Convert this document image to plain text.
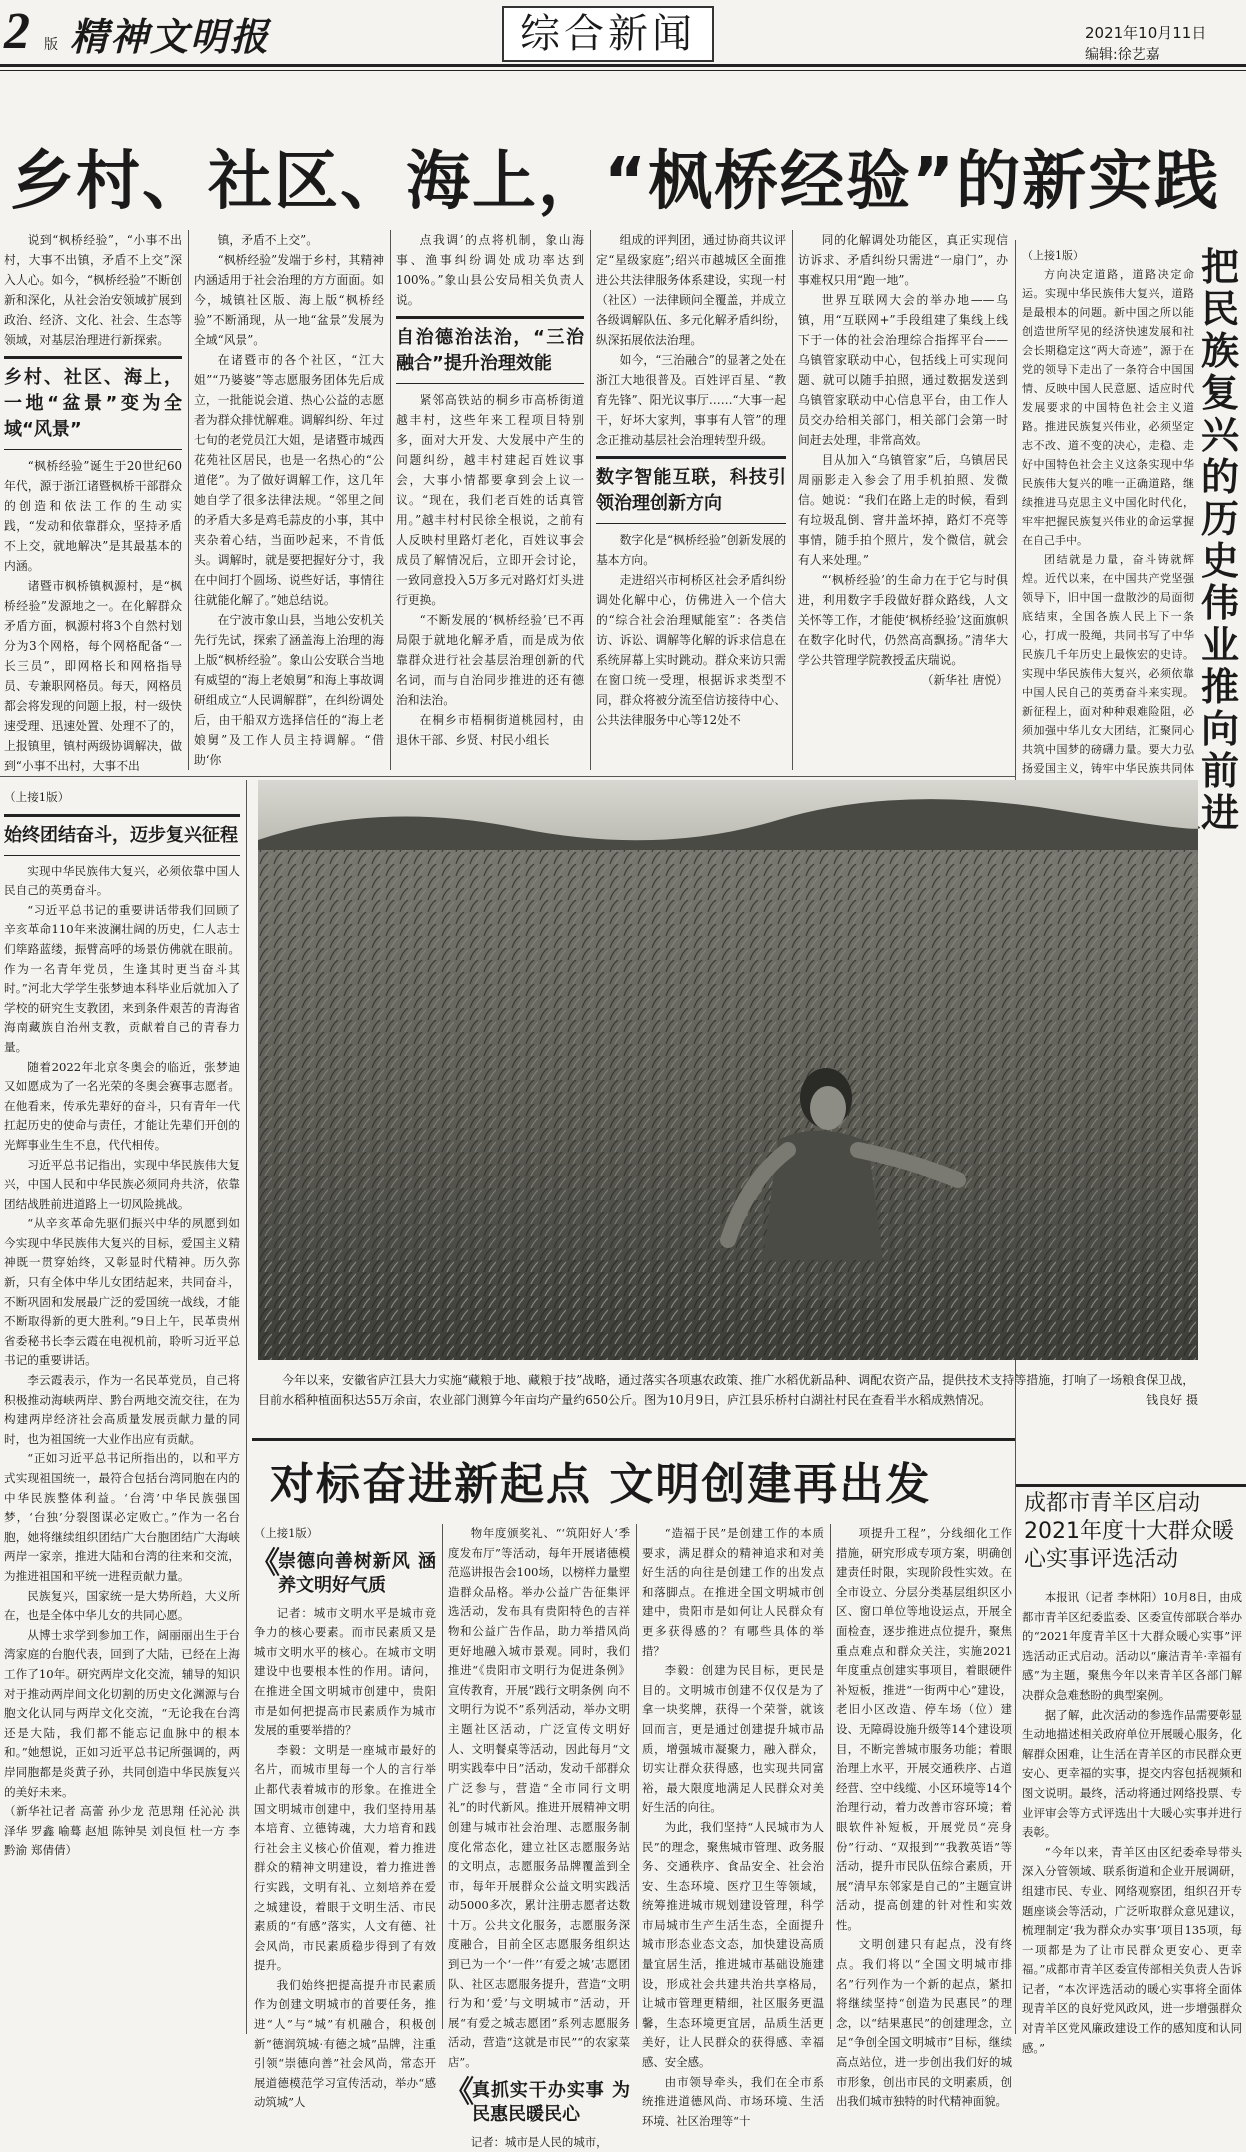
2 版 精神文明报	综合新闻	2021年10月11日
编辑:徐艺嘉
乡村、社区、海上，“枫桥经验”的新实践

说到“枫桥经验”，“小事不出村，大事不出镇，矛盾不上交”深入人心。如今，“枫桥经验”不断创新和深化，从社会治安领域扩展到政治、经济、文化、社会、生态等领域，对基层治理进行新探索。

乡村、社区、海上，一地“盆景”变为全域“风景”

“枫桥经验”诞生于20世纪60年代，源于浙江诸暨枫桥干部群众的创造和依法工作的生动实践，“发动和依靠群众，坚持矛盾不上交，就地解决”是其最基本的内涵。

诸暨市枫桥镇枫源村，是“枫桥经验”发源地之一。在化解群众矛盾方面，枫源村将3个自然村划分为3个网格，每个网格配备“一长三员”，即网格长和网格指导员、专兼职网格员。每天，网格员都会将发现的问题上报，村一级快速受理、迅速处置、处理不了的，上报镇里，镇村两级协调解决，做到“小事不出村，大事不出

镇，矛盾不上交”。

“枫桥经验”发端于乡村，其精神内涵适用于社会治理的方方面面。如今，城镇社区版、海上版“枫桥经验”不断涌现，从一地“盆景”发展为全域“风景”。

在诸暨市的各个社区，“江大姐”“乃婆婆”等志愿服务团体先后成立，一批能说会道、热心公益的志愿者为群众排忧解难。调解纠纷、年过七旬的老党员江大姐，是诸暨市城西花苑社区居民，也是一名热心的“公道佬”。为了做好调解工作，这几年她自学了很多法律法规。“邻里之间的矛盾大多是鸡毛蒜皮的小事，其中夹杂着心结，当面吵起来，不肯低头。调解时，就是要把握好分寸，我在中间打个圆场、说些好话，事情往往就能化解了。”她总结说。

在宁波市象山县，当地公安机关先行先试，探索了涵盖海上治理的海上版“枫桥经验”。象山公安联合当地有威望的“海上老娘舅”和海上事故调研组成立“人民调解群”，在纠纷调处后，由干船双方选择信任的“海上老娘舅”及工作人员主持调解。“借助‘你

点我调’的点将机制，象山海事、渔事纠纷调处成功率达到100%。”象山县公安局相关负责人说。

自治德治法治，“三治融合”提升治理效能

紧邻高铁站的桐乡市高桥街道越丰村，这些年来工程项目特别多，面对大开发、大发展中产生的问题纠纷，越丰村建起百姓议事会，大事小情都要拿到会上议一议。“现在，我们老百姓的话真管用。”越丰村村民徐全根说，之前有人反映村里路灯老化，百姓议事会成员了解情况后，立即开会讨论，一致同意投入5万多元对路灯灯头进行更换。

“不断发展的‘枫桥经验’已不再局限于就地化解矛盾，而是成为依靠群众进行社会基层治理创新的代名词，而与自治同步推进的还有德治和法治。

在桐乡市梧桐街道桃园村，由退休干部、乡贤、村民小组长

组成的评判团，通过协商共议评定“星级家庭”;绍兴市越城区全面推进公共法律服务体系建设，实现一村（社区）一法律顾问全覆盖，并成立各级调解队伍、多元化解矛盾纠纷，纵深拓展依法治理。

如今，“三治融合”的显著之处在浙江大地很普及。百姓评百星、“教育先锋”、阳光议事厅……“大事一起干，好坏大家判，事事有人管”的理念正推动基层社会治理转型升级。

数字智能互联，科技引领治理创新方向

数字化是“枫桥经验”创新发展的基本方向。

走进绍兴市柯桥区社会矛盾纠纷调处化解中心，仿佛进入一个信大的“综合社会治理赋能室”：各类信访、诉讼、调解等化解的诉求信息在系统屏幕上实时跳动。群众来访只需在窗口统一受理，根据诉求类型不同，群众将被分流至信访接待中心、公共法律服务中心等12处不

同的化解调处功能区，真正实现信访诉求、矛盾纠纷只需进“一扇门”，办事难权只用“跑一地”。

世界互联网大会的举办地——乌镇，用“互联网+”手段组建了集线上线下于一体的社会治理综合指挥平台——乌镇管家联动中心，包括线上可实现问题、就可以随手拍照，通过数据发送到乌镇管家联动中心信息平台，由工作人员交办给相关部门，相关部门会第一时间赶去处理，非常高效。

目从加入“乌镇管家”后，乌镇居民周丽影走入参会了用手机拍照、发微信。她说：“我们在路上走的时候，看到有垃圾乱倒、窨井盖坏掉，路灯不亮等事情，随手拍个照片，发个微信，就会有人来处理。”

“‘枫桥经验’的生命力在于它与时俱进，利用数字手段做好群众路线，人文关怀等工作，才能使‘枫桥经验’这面旗帜在数字化时代，仍然高高飘扬。”清华大学公共管理学院教授孟庆瑞说。

（新华社 唐悦）
（上接1版）

方向决定道路，道路决定命运。实现中华民族伟大复兴，道路是最根本的问题。新中国之所以能创造世所罕见的经济快速发展和社会长期稳定这“两大奇迹”，源于在党的领导下走出了一条符合中国国情、反映中国人民意愿、适应时代发展要求的中国特色社会主义道路。推进民族复兴伟业，必须坚定志不改、道不变的决心，走稳、走好中国特色社会主义这条实现中华民族伟大复兴的唯一正确道路，继续推进马克思主义中国化时代化，牢牢把握民族复兴伟业的命运掌握在自己手中。

团结就是力量，奋斗铸就辉煌。近代以来，在中国共产党坚强领导下，旧中国一盘散沙的局面彻底结束，全国各族人民上下一条心，打成一股绳，共同书写了中华民族几千年历史上最恢宏的史诗。实现中华民族伟大复兴，必须依靠中国人民自己的英勇奋斗来实现。新征程上，面对种种艰难险阻，必须加强中华儿女大团结，汇聚同心共筑中国梦的磅礴力量。要大力弘扬爱国主义，铸牢中华民族共同体

把民族复兴的历史伟业推向前进
（上接1版）
始终团结奋斗，迈步复兴征程

实现中华民族伟大复兴，必须依靠中国人民自己的英勇奋斗。

“习近平总书记的重要讲话带我们回顾了辛亥革命110年来波澜壮阔的历史，仁人志士们筚路蓝缕，振臂高呼的场景仿佛就在眼前。作为一名青年党员，生逢其时更当奋斗其时。”河北大学学生张梦迪本科毕业后就加入了学校的研究生支教团，来到条件艰苦的青海省海南藏族自治州支教，贡献着自己的青春力量。

随着2022年北京冬奥会的临近，张梦迪又如愿成为了一名光荣的冬奥会赛事志愿者。在他看来，传承先辈好的奋斗，只有青年一代扛起历史的使命与责任，才能让先辈们开创的光辉事业生生不息，代代相传。

习近平总书记指出，实现中华民族伟大复兴，中国人民和中华民族必须同舟共济，依靠团结战胜前进道路上一切风险挑战。

“从辛亥革命先驱们振兴中华的夙愿到如今实现中华民族伟大复兴的目标，爱国主义精神既一贯穿始终，又彰显时代精神。历久弥新，只有全体中华儿女团结起来，共同奋斗，不断巩固和发展最广泛的爱国统一战线，才能不断取得新的更大胜利。”9日上午，民革贵州省委秘书长李云霞在电视机前，聆听习近平总书记的重要讲话。

李云霞表示，作为一名民革党员，自己将积极推动海峡两岸、黔台两地交流交往，在为构建两岸经济社会高质量发展贡献力量的同时，也为祖国统一大业作出应有贡献。

“正如习近平总书记所指出的，以和平方式实现祖国统一，最符合包括台湾同胞在内的中华民族整体利益。‘台湾’中华民族强国梦，‘台独’分裂图谋必定败亡。”作为一名台胞，她将继续组织团结广大台胞团结广大海峡两岸一家亲，推进大陆和台湾的往来和交流，为推进祖国和平统一进程贡献力量。

民族复兴，国家统一是大势所趋，大义所在，也是全体中华儿女的共同心愿。

从博士求学到参加工作，阔丽丽出生于台湾家庭的台胞代表，回到了大陆，已经在上海工作了10年。研究两岸文化交流，辅导的知识对于推动两岸间文化切割的历史文化渊源与台胞文化认同与两岸文化交流，“无论我在台湾还是大陆，我们都不能忘记血脉中的根本和。”她想说，正如习近平总书记所强调的，两岸同胞都是炎黄子孙，共同创造中华民族复兴的美好未来。

（新华社记者 高蕾 孙少龙 范思翔 任沁沁 洪泽华 罗鑫 喻蓦 赵旭 陈钟昊 刘良恒 杜一方 李黔渝 郑倩倩）
今年以来，安徽省庐江县大力实施“藏粮于地、藏粮于技”战略，通过落实各项惠农政策、推广水稻优新品种、调配农资产品，提供技术支持等措施，打响了一场粮食保卫战，目前水稻种植面积达55万余亩，农业部门测算今年亩均产量约650公斤。图为10月9日，庐江县乐桥村白湖社村民在查看半水稻成熟情况。	钱良好 摄
对标奋进新起点 文明创建再出发
（上接1版）
《 崇德向善树新风 涵养文明好气质

记者：城市文明水平是城市竞争力的核心要素。而市民素质又是城市文明水平的核心。在城市文明建设中也要根本性的作用。请问，在推进全国文明城市创建中，贵阳市是如何把提高市民素质作为城市发展的重要举措的？

李毅：文明是一座城市最好的名片，而城市里每一个人的言行举止都代表着城市的形象。在推进全国文明城市创建中，我们坚持用基本培育、立德铸魂，大力培育和践行社会主义核心价值观，着力推进群众的精神文明建设，着力推进善行实践，文明有礼、立刻培养在爱之城建设，着眼于文明生活、市民素质的“有感”落实，人文有德、社会风尚，市民素质稳步得到了有效提升。

我们始终把提高提升市民素质作为创建文明城市的首要任务，推进“人”与“城”有机融合，积极创新“德润筑城·有德之城”品牌，注重引领“崇德向善”社会风尚，常态开展道德模范学习宣传活动，举办“感动筑城”人

物年度颁奖礼、“‘筑阳好人’季度发布厅”等活动，每年开展诸德模范巡讲报告会100场，以榜样力量塑造群众品格。举办公益广告征集评选活动，发布具有贵阳特色的吉祥物和公益广告作品，助力举措风尚更好地融入城市景观。同时，我们推进“《贵阳市文明行为促进条例》宣传教育，开展“践行文明条例 向不文明行为说不”系列活动，举办文明主题社区活动，广泛宣传文明好人、文明餐桌等活动，因此每月“文明实践奉中日”活动，发动千部群众广泛参与，营造“全市同行文明礼”的时代新风。推进开展精神文明创建与城市社会治理、志愿服务制度化常态化，建立社区志愿服务站的文明点，志愿服务品牌覆盖到全市，每年开展群众公益文明实践活动5000多次，累计注册志愿者达数十万。公共文化服务，志愿服务深度融合，目前全区志愿服务组织达到已为一个‘一件’‘有爱之城’志愿团队、社区志愿服务提升，营造“文明行为和‘爱’与文明城市”活动，开展“有爱之城志愿团”系列志愿服务活动，营造“这就是市民”“的农家菜店”。

《 真抓实干办实事 为民惠民暖民心

记者：城市是人民的城市，

“造福于民”是创建工作的本质要求，满足群众的精神追求和对美好生活的向往是创建工作的出发点和落脚点。在推进全国文明城市创建中，贵阳市是如何让人民群众有更多获得感的？有哪些具体的举措？

李毅：创建为民目标，更民是目的。文明城市创建不仅仅是为了拿一块奖牌，获得一个荣誉，就该回而言，更是通过创建提升城市品质，增强城市凝聚力，融入群众，切实让群众获得感，也实现共同富裕，最大限度地满足人民群众对美好生活的向往。

为此，我们坚持“人民城市为人民”的理念，聚焦城市管理、政务服务、交通秩序、食品安全、社会治安、生态环境、医疗卫生等领域，统筹推进城市规划建设管理，科学市局城市生产生活生态，全面提升城市形态业态文态，加快建设高质量宜居生活，推进城市基础设施建设，形成社会共建共治共享格局，让城市管理更精细，社区服务更温馨，生态环境更宜居，品质生活更美好，让人民群众的获得感、幸福感、安全感。

由市领导牵头，我们在全市系统推进道德风尚、市场环境、生活环境、社区治理等“十

项提升工程”，分线细化工作措施，研究形成专项方案，明确创建责任时限，实现阶段性实效。在全市设立、分层分类基层组织区小区、窗口单位等地设运点，开展全面检查，逐步推进点位提升，聚焦重点难点和群众关注，实施2021年度重点创建实事项目，着眼硬件补短板，推进“一街两中心”建设，老旧小区改造、停车场（位）建设、无障碍设施升级等14个建设项目，不断完善城市服务功能；着眼治理上水平，开展交通秩序、占道经营、空中线缆、小区环境等14个治理行动，着力改善市容环境；着眼软件补短板，开展党员“亮身份”行动、“双报到”“我教英语”等活动，提升市民队伍综合素质，开展“清早东邻家是自己的”主题宣讲活动，提高创建的针对性和实效性。

文明创建只有起点，没有终点。我们将以“全国文明城市排名”行列作为一个新的起点，紧扣将继续坚持“创造为民惠民”的理念，以“结果惠民”的创建理念，立足“争创全国文明城市”目标，继续高点站位，进一步创出我们好的城市形象，创出市民的文明素质，创出我们城市独特的时代精神面貌。

成都市青羊区启动2021年度十大群众暖心实事评选活动

本报讯（记者 李林阳）10月8日，由成都市青羊区纪委监委、区委宣传部联合举办的“2021年度青羊区十大群众暖心实事”评选活动正式启动。活动以“廉洁青羊·幸福有感”为主题，聚焦今年以来青羊区各部门解决群众急难愁盼的典型案例。

据了解，此次活动的参选作品需要彰显生动地描述相关政府单位开展暖心服务，化解群众困难，让生活在青羊区的市民群众更安心、更幸福的实事，提交内容包括视频和图文说明。最终，活动将通过网络投票、专业评审会等方式评选出十大暖心实事并进行表彰。

“今年以来，青羊区由区纪委牵导带头深入分管领域、联系街道和企业开展调研，组建市民、专业、网络观察团，组织召开专题座谈会等活动，广泛听取群众意见建议，梳理制定‘我为群众办实事’项目135项，每一项都是为了让市民群众更安心、更幸福。”成都市青羊区委宣传部相关负责人告诉记者，“本次评选活动的暖心实事将全面体现青羊区的良好党风政风，进一步增强群众对青羊区党风廉政建设工作的感知度和认同感。”
